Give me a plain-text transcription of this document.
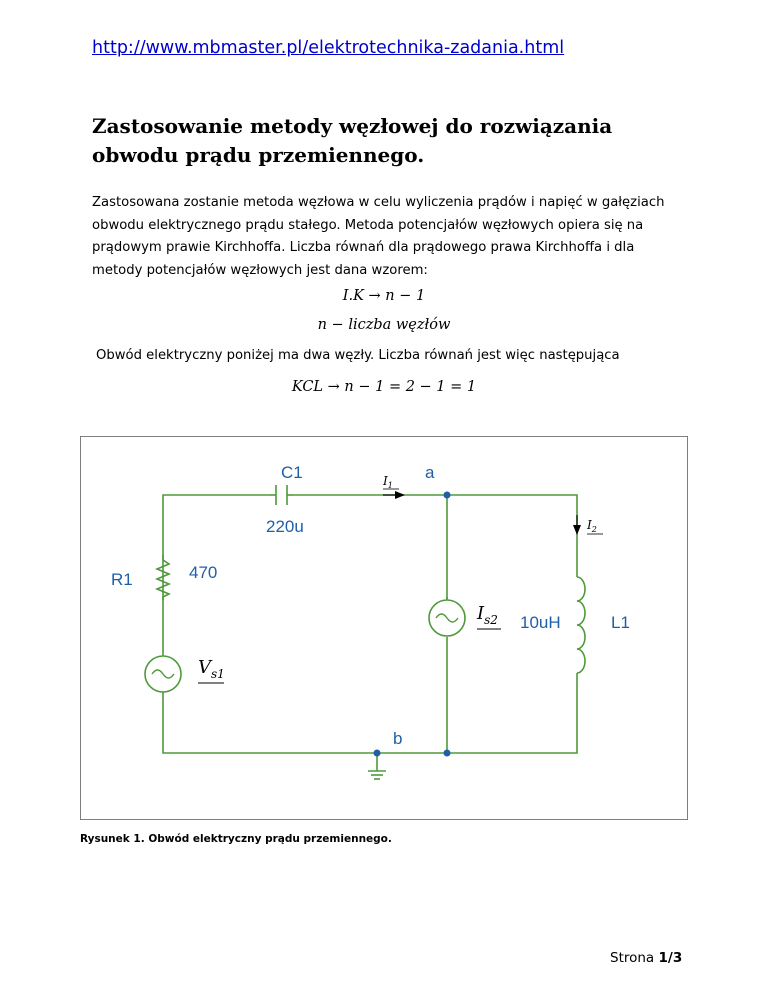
http://www.mbmaster.pl/elektrotechnika-zadania.html
Zastosowanie metody węzłowej do rozwiązania obwodu prądu przemiennego.
Zastosowana zostanie metoda węzłowa w celu wyliczenia prądów i napięć w gałęziach obwodu elektrycznego prądu stałego. Metoda potencjałów węzłowych opiera się na prądowym prawie Kirchhoffa. Liczba równań dla prądowego prawa Kirchhoffa i dla metody potencjałów węzłowych jest dana wzorem:
I.K → n − 1
n − liczba węzłów
Obwód elektryczny poniżej ma dwa węzły. Liczba równań jest więc następująca
KCL → n − 1 = 2 − 1 = 1
C1
220u
R1	470
a
b
10uH	L1
$I_1$
$I_2$
$I_{s2}$
$V_{s1}$
Rysunek 1. Obwód elektryczny prądu przemiennego.
Strona 1/3
